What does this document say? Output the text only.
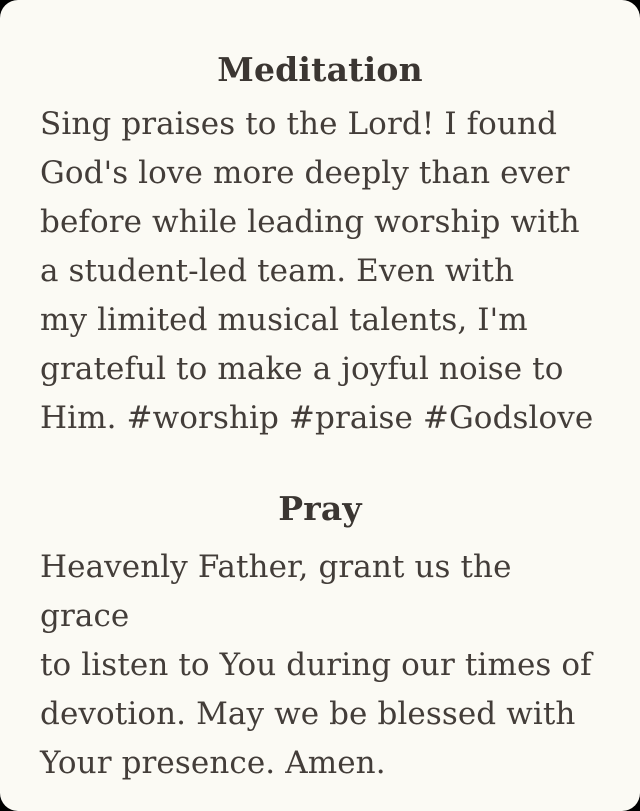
Meditation
Sing praises to the Lord! I found
God's love more deeply than ever
before while leading worship with
a student-led team. Even with
my limited musical talents, I'm
grateful to make a joyful noise to
Him. #worship #praise #Godslove
Pray
Heavenly Father, grant us the grace
to listen to You during our times of
devotion. May we be blessed with
Your presence. Amen.
